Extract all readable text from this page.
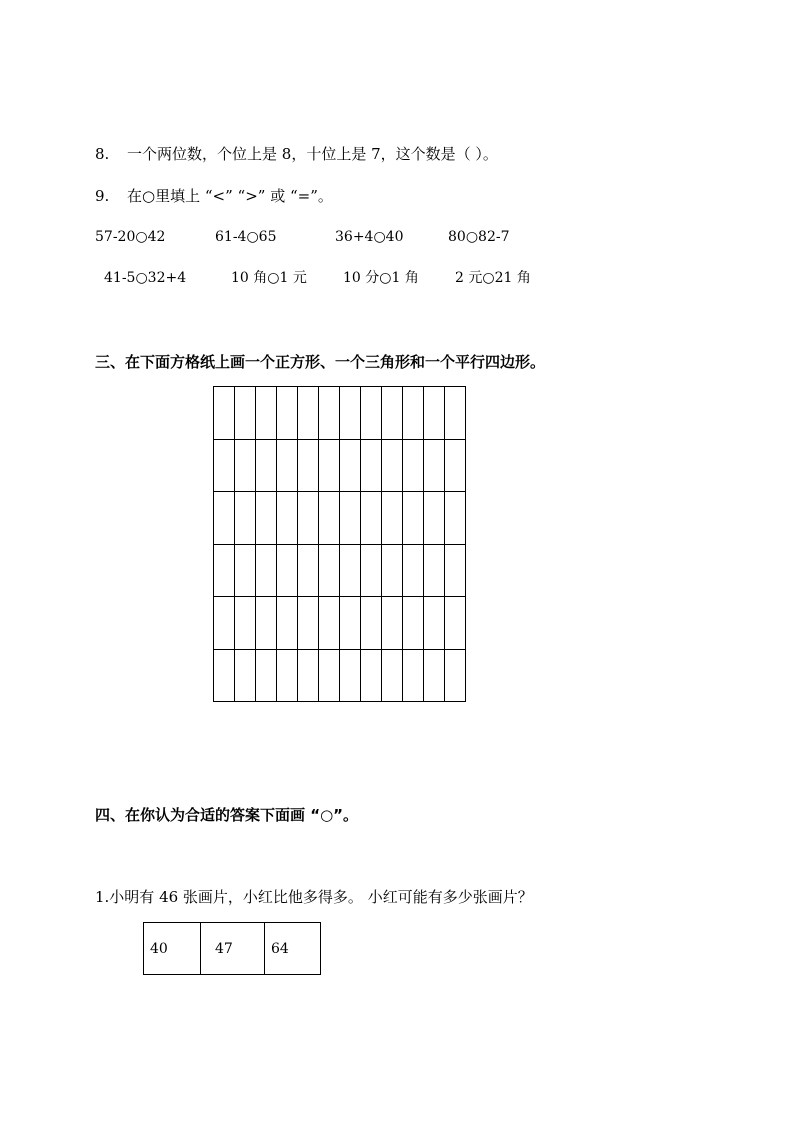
8. 一个两位数，个位上是 8，十位上是 7，这个数是（ ）。
9. 在○里填上 “<” “>” 或 “=”。
57-20○42	61-4○65	36+4○40	80○82-7
41-5○32+4	10 角○1 元	10 分○1 角	2 元○21 角
三、在下面方格纸上画一个正方形、一个三角形和一个平行四边形。

四、在你认为合适的答案下面画 “○”。
1.小明有 46 张画片，小红比他多得多。 小红可能有多少张画片？
40	47	64
